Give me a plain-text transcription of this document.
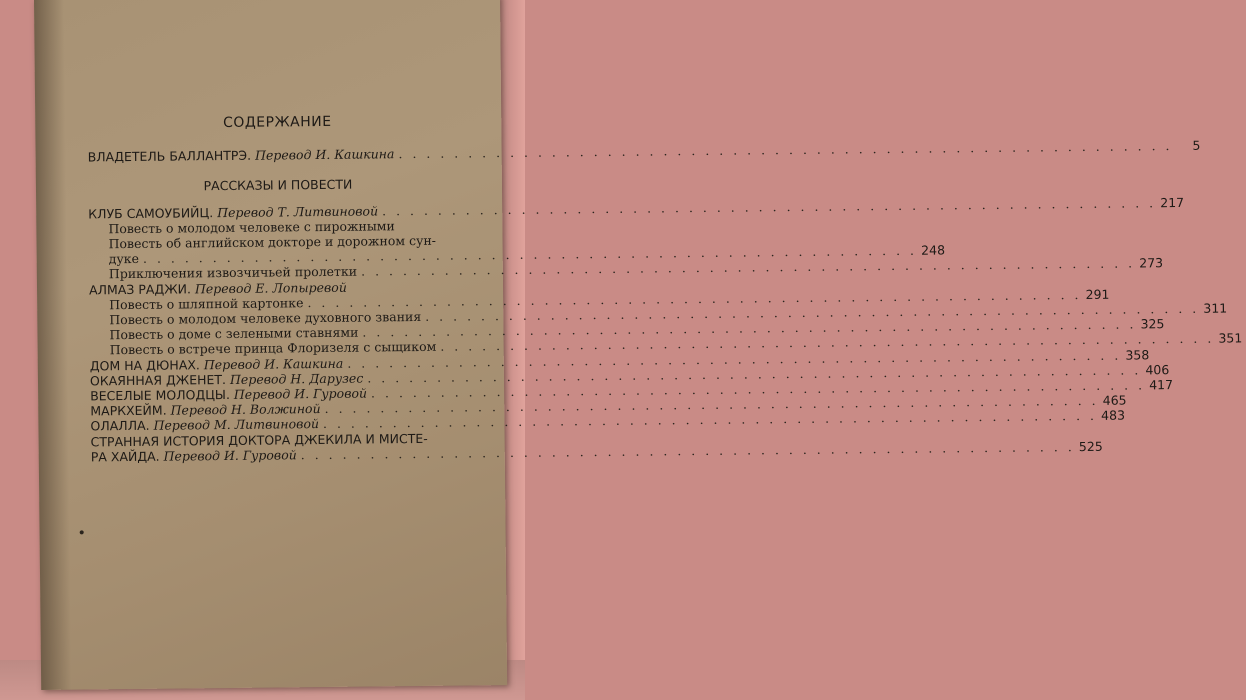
СОДЕРЖАНИЕ
ВЛАДЕТЕЛЬ БАЛЛАНТРЭ. Перевод И. Кашкина
. . .
5
РАССКАЗЫ И ПОВЕСТИ
КЛУБ САМОУБИЙЦ. Перевод Т. Литвиновой
. . .
217
Повесть о молодом человеке с пирожными
Повесть об английском докторе и дорожном сун-
дуке
. . .
248
Приключения извозчичьей пролетки
. . .
273
АЛМАЗ РАДЖИ. Перевод Е. Лопыревой
Повесть о шляпной картонке
. . .
291
Повесть о молодом человеке духовного звания
. . .
311
Повесть о доме с зелеными ставнями
. . .
325
Повесть о встрече принца Флоризеля с сыщиком
. . .
351
ДОМ НА ДЮНАХ. Перевод И. Кашкина
. . .
358
ОКАЯННАЯ ДЖЕНЕТ. Перевод Н. Дарузес
. . .
406
ВЕСЕЛЫЕ МОЛОДЦЫ. Перевод И. Гуровой
. . .
417
МАРКХЕЙМ. Перевод Н. Волжиной
. . .
465
ОЛАЛЛА. Перевод М. Литвиновой
. . .
483
СТРАННАЯ ИСТОРИЯ ДОКТОРА ДЖЕКИЛА И МИСТЕ-
РА ХАЙДА. Перевод И. Гуровой
. . .
525
•
